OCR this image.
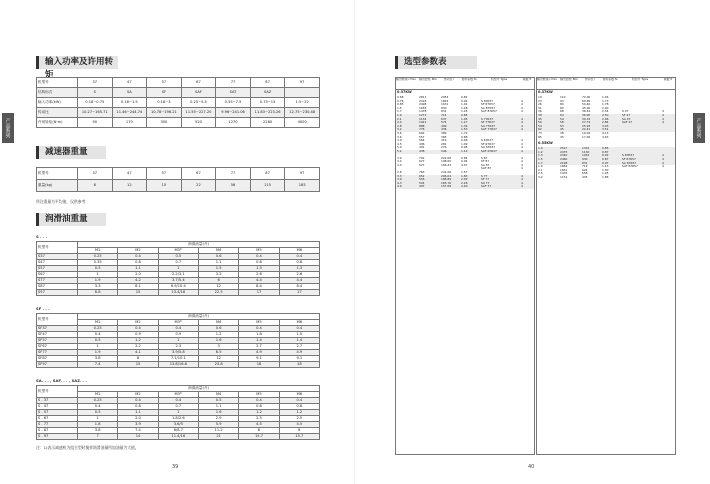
产品系列
输入功率及许用转矩
机型号	37	47	57	67	77	87	97
结构形式	S	SA	SF	SAF	SAT	SAZ	
输入功率(kW)	0.18~0.75	0.18~1.5	0.18~3	0.25~5.5	0.55~7.5	0.75~15	1.5~22
传动比	10.27~165.71	11.46~244.74	10.78~196.21	11.55~227.20	9.96~241.06	11.83~223.26	12.75~230.48
许用转矩(N·m)	90	170	300	520	1270	2280	4000
减速器重量
机型号	37	47	57	67	77	87	97
重量(kg)	8	12	15	22	56	115	185
所注重量为平均值，仅供参考
润滑油重量
S . . .
机型号	润滑油量(升)					
	M1	M2	M3¹⁾	M4	M5	M6
S37	0.25	0.4	0.5	0.6	0.4	0.4
S47	0.35	0.8	0.7	1.1	0.8	0.8
S57	0.5	1.1	1	1.5	1.3	1.3
S67	1	2.0	2.2/3.1	3.2	2.6	2.6
S77	1.9	4.2	3.7/5.4	6	4.4	4.4
S87	3.3	8.1	6.9/10.4	12	8.4	8.4
S97	6.8	15	13.4/18	22.5	17	17
SF . . .
机型号	润滑油量(升)					
	M1	M2	M3¹⁾	M4	M5	M6
SF37	0.25	0.4	0.4	0.6	0.4	0.4
SF47	0.4	0.9	0.9	1.2	1.8	1.0
SF57	0.5	1.2	1	1.6	1.4	1.4
SF67	1	2.2	2.3	3	2.7	2.7
SF77	1.9	4.1	3.9/5.8	6.5	4.9	4.9
SF87	3.8	8	7.1/10.1	12	9.1	9.1
SF97	7.4	15	13.8/16.8	23.8	18	18
SA. . . , SAF. . . , SAZ. . .
机型号	润滑油量(升)					
	M1	M2	M3¹⁾	M4	M5	M6
S . 37	0.25	0.4	0.4	0.5	0.4	0.4
S . 47	0.4	0.8	0.7	1.1	0.8	0.8
S . 57	0.5	1.1	1	1.6	1.2	1.2
S . 67	1	2.0	1.8/2.6	2.9	2.5	2.5
S . 77	1.8	3.9	3.6/5	5.9	4.5	4.5
S . 87	3.8	7.4	6/8.7	11.2	8	8
S . 97	7	14	11.4/16	21	15.7	15.7
注：1)表示减速机为组合型时搅拌润滑油量所加油量为大值。
39
选型参数表
输出转速 r/min	输出扭矩 Nm	传动比 i	使用系数 fs	机型号 Type	极数 P
0.37KW
0.68	2811	2054	0.82
0.76	2318	1824	0.92	S 87R57	4
0.85	2408	1631	1.02	SF 87R57	4
1.5	1655	930	1.28	SA 87R57	4
1.7	1478	831	1.45	SAF 87R57	4
1.9	1271	714	0.84
2.1	1134	637	1.05	S 77R37	4
2.4	1021	574	1.17	SF 77R37	4
2.8	888	499	1.34	SA 77R37	4
3.2	776	436	1.53	SAF 77R37	4
3.6	692	389	1.72
3.6	557	365	0.88
3.9	564	319	0.96	S 67R37	4
4.5	496	281	1.09	SF 67R37	4
5.0	491	276	0.98	SA 67R37	4
5.2	438	246	1.12	SAF 67R37	4
3.0	702	222.00	0.84	S 87	4
3.4	627	198.00	0.94	SF 87	4
4.0	527	166.43	4.07	SA 87	4
SAF 87	4
2.8	763	241.06	1.57
3.3	652	206.04	1.83	S 77	4
3.9	556	188.89	2.09	SF 77	4
4.3	524	165.76	2.28	SA 77	4
4.9	497	157.08	2.40	SAF 77	4
输出转速 r/min	输出扭矩 Nm	传动比 i	使用系数 fs	机型号 Type	极数 P
0.37KW
19	110	72.00	1.46
23	93	60.85	1.73
26	80	50.40	1.78
31	80	45.00	2.00
36	68	38.44	2.34	S 47	4
39	64	36.00	2.50	SF 47	4
45	54	30.33	2.96	SA 47	4
50	58	27.74	2.84	SAF 47	4
54	53	25.93	3.03
62	45	22.41	3.51
73	38	19.04	4.13
85	35	17.00	4.63
0.55KW
1.0	2517	1332	0.85
1.2	2475	1130	0.87
1.3	2340	1032	0.92	S 87R57	4
1.5	2460	930	0.87	SF 87R57	4
1.7	2198	831	0.97	SA 87R57	4
1.9	1862	719	1.13	SAF 87R57	4
2.1	1651	624	1.30
2.5	1476	558	1.45
3.2	1151	435	1.86
产品系列
40
